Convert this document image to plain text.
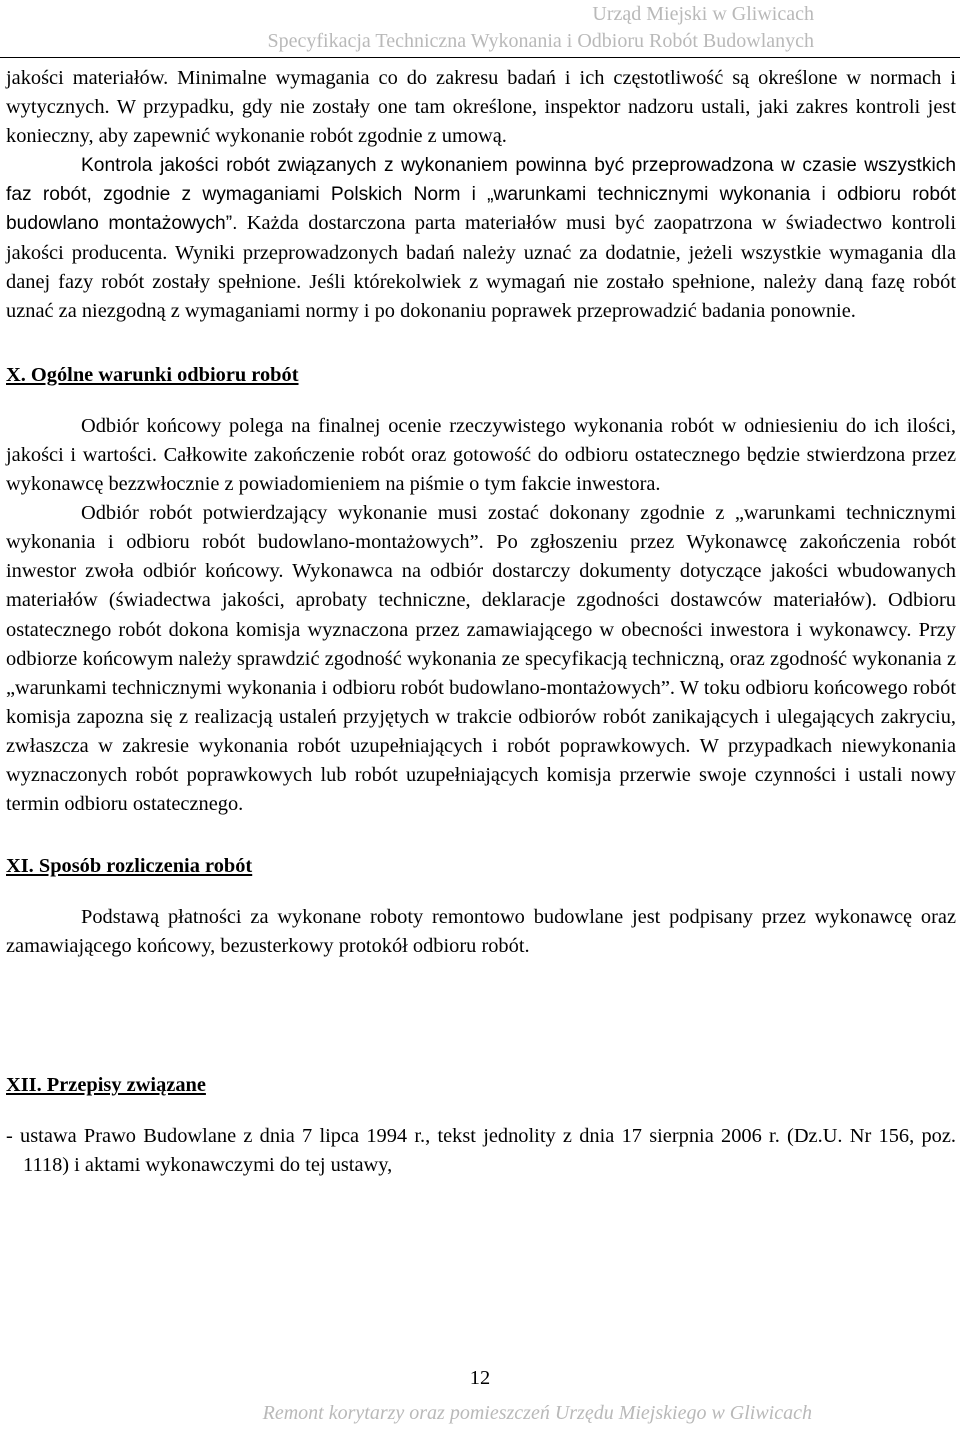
Urząd Miejski w Gliwicach
Specyfikacja Techniczna Wykonania i Odbioru Robót Budowlanych

jakości materiałów. Minimalne wymagania co do zakresu badań i ich częstotliwość są określone w normach i wytycznych. W przypadku, gdy nie zostały one tam określone, inspektor nadzoru ustali, jaki zakres kontroli jest konieczny, aby zapewnić wykonanie robót zgodnie z umową.

Kontrola jakości robót związanych z wykonaniem powinna być przeprowadzona w czasie wszystkich faz robót, zgodnie z wymaganiami Polskich Norm i „warunkami technicznymi wykonania i odbioru robót budowlano montażowych”. Każda dostarczona parta materiałów musi być zaopatrzona w świadectwo kontroli jakości producenta. Wyniki przeprowadzonych badań należy uznać za dodatnie, jeżeli wszystkie wymagania dla danej fazy robót zostały spełnione. Jeśli którekolwiek z wymagań nie zostało spełnione, należy daną fazę robót uznać za niezgodną z wymaganiami normy i po dokonaniu poprawek przeprowadzić badania ponownie.

X. Ogólne warunki odbioru robót

Odbiór końcowy polega na finalnej ocenie rzeczywistego wykonania robót w odniesieniu do ich ilości, jakości i wartości. Całkowite zakończenie robót oraz gotowość do odbioru ostatecznego będzie stwierdzona przez wykonawcę bezzwłocznie z powiadomieniem na piśmie o tym fakcie inwestora.

Odbiór robót potwierdzający wykonanie musi zostać dokonany zgodnie z „warunkami technicznymi wykonania i odbioru robót budowlano-montażowych”. Po zgłoszeniu przez Wykonawcę zakończenia robót inwestor zwoła odbiór końcowy. Wykonawca na odbiór dostarczy dokumenty dotyczące jakości wbudowanych materiałów (świadectwa jakości, aprobaty techniczne, deklaracje zgodności dostawców materiałów). Odbioru ostatecznego robót dokona komisja wyznaczona przez zamawiającego w obecności inwestora i wykonawcy. Przy odbiorze końcowym należy sprawdzić zgodność wykonania ze specyfikacją techniczną, oraz zgodność wykonania z „warunkami technicznymi wykonania i odbioru robót budowlano-montażowych”. W toku odbioru końcowego robót komisja zapozna się z realizacją ustaleń przyjętych w trakcie odbiorów robót zanikających i ulegających zakryciu, zwłaszcza w zakresie wykonania robót uzupełniających i robót poprawkowych. W przypadkach niewykonania wyznaczonych robót poprawkowych lub robót uzupełniających komisja przerwie swoje czynności i ustali nowy termin odbioru ostatecznego.

XI. Sposób rozliczenia robót

Podstawą płatności za wykonane roboty remontowo budowlane jest podpisany przez wykonawcę oraz zamawiającego końcowy, bezusterkowy protokół odbioru robót.

XII. Przepisy związane

- ustawa Prawo Budowlane z dnia 7 lipca 1994 r., tekst jednolity z dnia 17 sierpnia 2006 r. (Dz.U. Nr 156, poz. 1118) i aktami wykonawczymi do tej ustawy,

12
Remont korytarzy oraz pomieszczeń Urzędu Miejskiego w Gliwicach
